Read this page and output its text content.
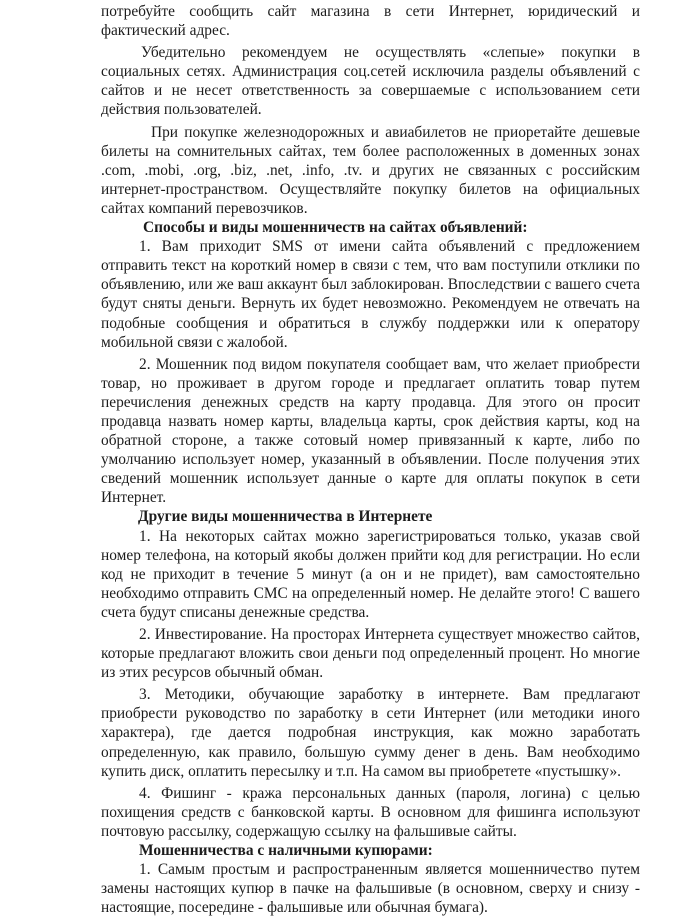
потребуйте сообщить сайт магазина в сети Интернет, юридический и фактический адрес.

Убедительно рекомендуем не осуществлять «слепые» покупки в социальных сетях. Администрация соц.сетей исключила разделы объявлений с сайтов и не несет ответственность за совершаемые с использованием сети действия пользователей.

При покупке железнодорожных и авиабилетов не приоретайте дешевые билеты на сомнительных сайтах, тем более расположенных в доменных зонах .com, .mobi, .org, .biz, .net, .info, .tv. и других не связанных с российским интернет-пространством. Осуществляйте покупку билетов на официальных сайтах компаний перевозчиков.

Способы и виды мошенничеств на сайтах объявлений:

1. Вам приходит SMS от имени сайта объявлений с предложением отправить текст на короткий номер в связи с тем, что вам поступили отклики по объявлению, или же ваш аккаунт был заблокирован. Впоследствии с вашего счета будут сняты деньги. Вернуть их будет невозможно. Рекомендуем не отвечать на подобные сообщения и обратиться в службу поддержки или к оператору мобильной связи с жалобой.

2. Мошенник под видом покупателя сообщает вам, что желает приобрести товар, но проживает в другом городе и предлагает оплатить товар путем перечисления денежных средств на карту продавца. Для этого он просит продавца назвать номер карты, владельца карты, срок действия карты, код на обратной стороне, а также сотовый номер привязанный к карте, либо по умолчанию использует номер, указанный в объявлении. После получения этих сведений мошенник использует данные о карте для оплаты покупок в сети Интернет.

Другие виды мошенничества в Интернете

1. На некоторых сайтах можно зарегистрироваться только, указав свой номер телефона, на который якобы должен прийти код для регистрации. Но если код не приходит в течение 5 минут (а он и не придет), вам самостоятельно необходимо отправить СМС на определенный номер. Не делайте этого! С вашего счета будут списаны денежные средства.

2. Инвестирование. На просторах Интернета существует множество сайтов, которые предлагают вложить свои деньги под определенный процент. Но многие из этих ресурсов обычный обман.

3. Методики, обучающие заработку в интернете. Вам предлагают приобрести руководство по заработку в сети Интернет (или методики иного характера), где дается подробная инструкция, как можно заработать определенную, как правило, большую сумму денег в день. Вам необходимо купить диск, оплатить пересылку и т.п. На самом вы приобретете «пустышку».

4. Фишинг - кража персональных данных (пароля, логина) с целью похищения средств с банковской карты. В основном для фишинга используют почтовую рассылку, содержащую ссылку на фальшивые сайты.

Мошенничества с наличными купюрами:

1. Самым простым и распространенным является мошенничество путем замены настоящих купюр в пачке на фальшивые (в основном, сверху и снизу - настоящие, посередине - фальшивые или обычная бумага).
